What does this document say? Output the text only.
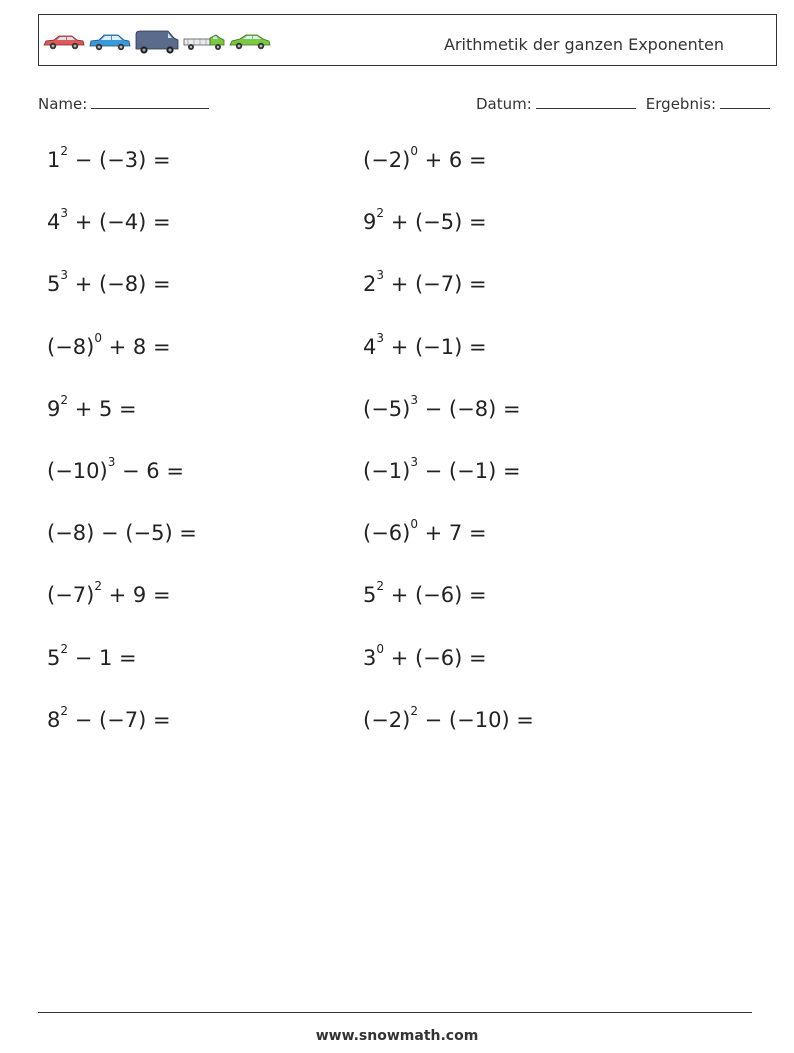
Arithmetik der ganzen Exponenten
Name:	Datum:	Ergebnis:
$1^2 - (-3)$ =
$4^3 + (-4)$ =
$5^3 + (-8)$ =
$(-8)^0 + 8$ =
$9^2 + 5$ =
$(-10)^3 - 6$ =
(−8) − (−5) =
$(-7)^2 + 9$ =
$5^2 - 1$ =
$8^2 - (-7)$ =
$(-2)^0 + 6$ =
$9^2 + (-5)$ =
$2^3 + (-7)$ =
$4^3 + (-1)$ =
$(-5)^3 - (-8)$ =
$(-1)^3 - (-1)$ =
$(-6)^0 + 7$ =
$5^2 + (-6)$ =
$3^0 + (-6)$ =
$(-2)^2 - (-10)$ =
www.snowmath.com
